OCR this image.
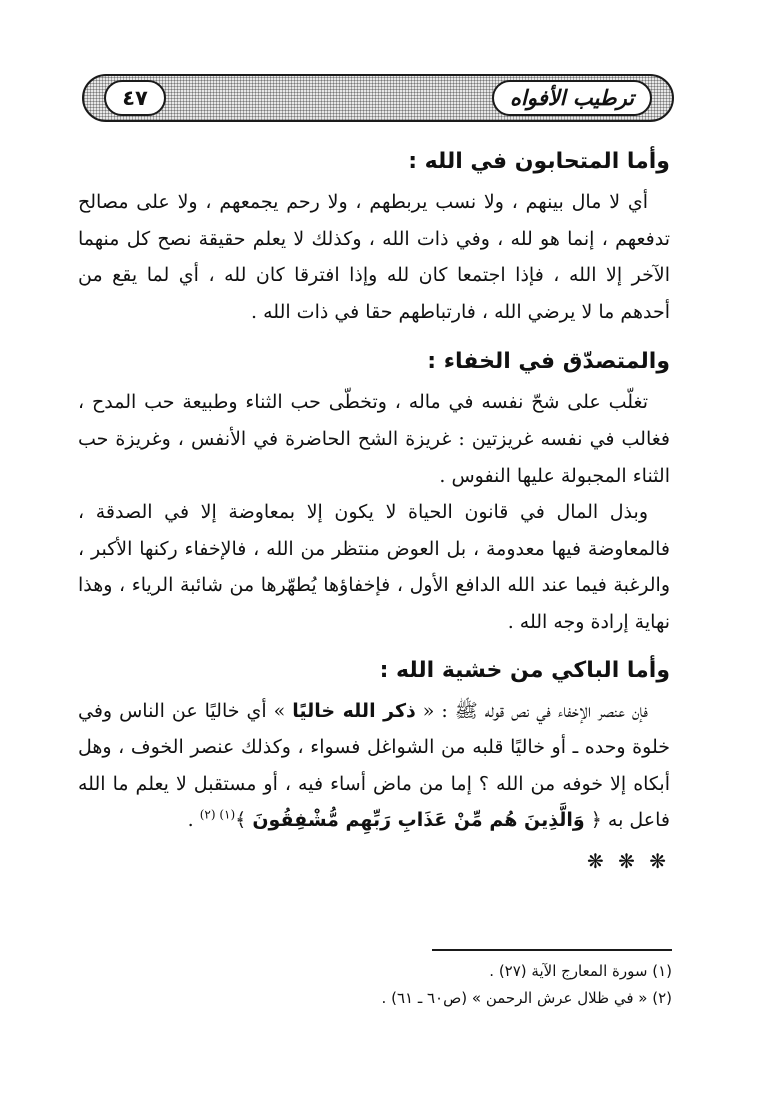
ترطيب الأفواه
٤٧
وأما المتحابون في الله :

أي لا مال بينهم ، ولا نسب يربطهم ، ولا رحم يجمعهم ، ولا على مصالح تدفعهم ، إنما هو لله ، وفي ذات الله ، وكذلك لا يعلم حقيقة نصح كل منهما الآخر إلا الله ، فإذا اجتمعا كان لله وإذا افترقا كان لله ، أي لما يقع من أحدهم ما لا يرضي الله ، فارتباطهم حقا في ذات الله .

والمتصدّق في الخفاء :

تغلّب على شحّ نفسه في ماله ، وتخطّى حب الثناء وطبيعة حب المدح ، فغالب في نفسه غريزتين : غريزة الشح الحاضرة في الأنفس ، وغريزة حب الثناء المجبولة عليها النفوس .

وبذل المال في قانون الحياة لا يكون إلا بمعاوضة إلا في الصدقة ، فالمعاوضة فيها معدومة ، بل العوض منتظر من الله ، فالإخفاء ركنها الأكبر ، والرغبة فيما عند الله الدافع الأول ، فإخفاؤها يُطهّرها من شائبة الرياء ، وهذا نهاية إرادة وجه الله .

وأما الباكي من خشية الله :

فإن عنصر الإخفاء في نص قوله ﷺ : « ذكر الله خاليًا » أي خاليًا عن الناس وفي خلوة وحده ـ أو خاليًا قلبه من الشواغل فسواء ، وكذلك عنصر الخوف ، وهل أبكاه إلا خوفه من الله ؟ إما من ماض أساء فيه ، أو مستقبل لا يعلم ما الله فاعل به ﴿ وَالَّذِينَ هُم مِّنْ عَذَابِ رَبِّهِم مُّشْفِقُونَ ﴾$^{(١) (٢)}$ .

❋ ❋ ❋

(١) سورة المعارج الآية (٢٧) .

(٢) « في ظلال عرش الرحمن » (ص٦٠ ـ ٦١) .
